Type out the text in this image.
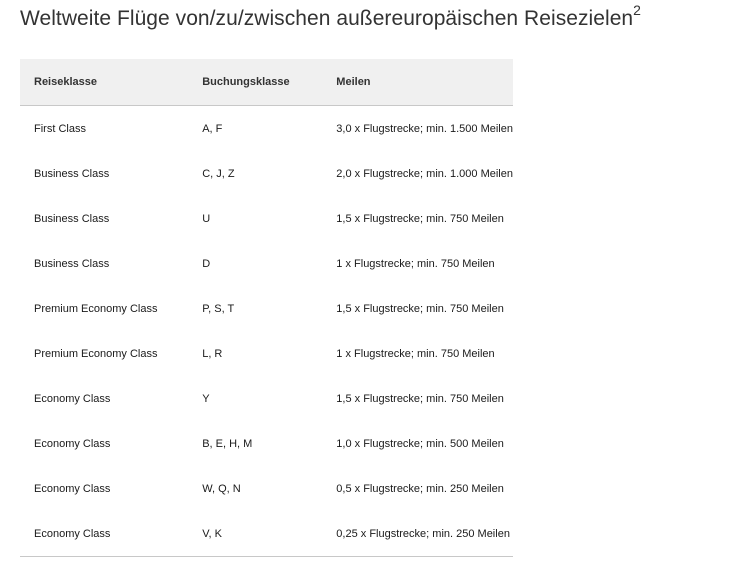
Weltweite Flüge von/zu/zwischen außereuropäischen Reisezielen$^2$
Reiseklasse	Buchungsklasse	Meilen
First Class	A, F	3,0 x Flugstrecke; min. 1.500 Meilen
Business Class	C, J, Z	2,0 x Flugstrecke; min. 1.000 Meilen
Business Class	U	1,5 x Flugstrecke; min. 750 Meilen
Business Class	D	1 x Flugstrecke; min. 750 Meilen
Premium Economy Class	P, S, T	1,5 x Flugstrecke; min. 750 Meilen
Premium Economy Class	L, R	1 x Flugstrecke; min. 750 Meilen
Economy Class	Y	1,5 x Flugstrecke; min. 750 Meilen
Economy Class	B, E, H, M	1,0 x Flugstrecke; min. 500 Meilen
Economy Class	W, Q, N	0,5 x Flugstrecke; min. 250 Meilen
Economy Class	V, K	0,25 x Flugstrecke; min. 250 Meilen
